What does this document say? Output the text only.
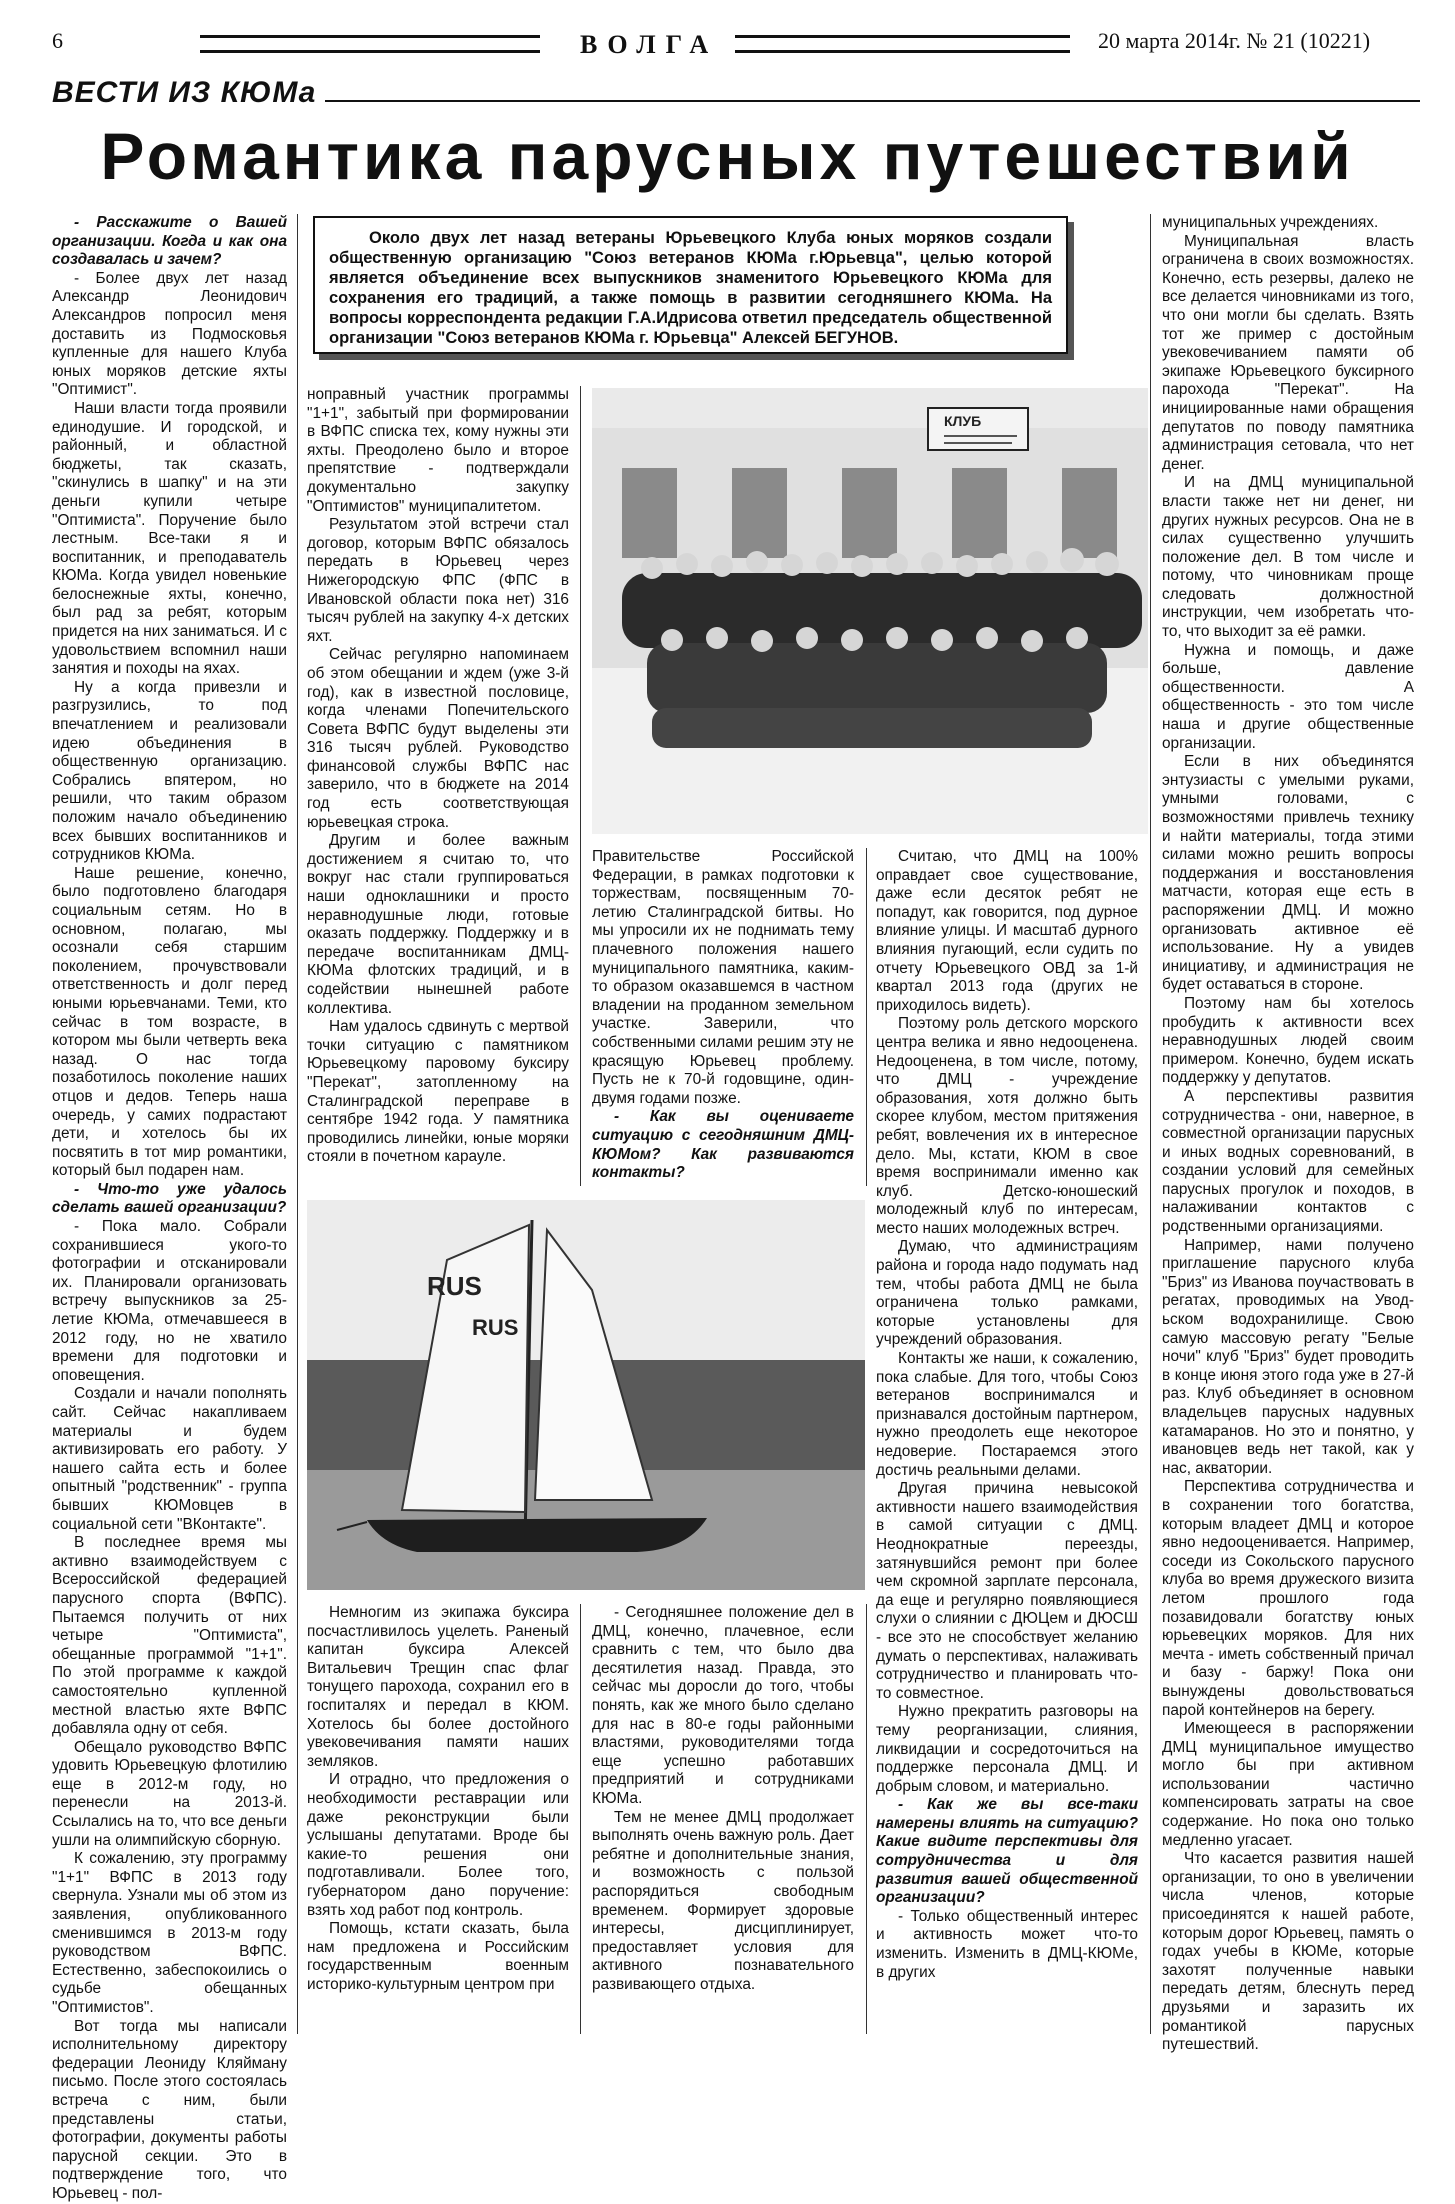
6	ВОЛГА	20 марта 2014г. № 21 (10221)
ВЕСТИ ИЗ КЮМа
Романтика парусных путешествий

- Расскажите о Вашей организации. Когда и как она создавалась и зачем?

- Более двух лет назад Александр Леонидович Александров попросил меня доставить из Подмосковья купленные для нашего Клуба юных моряков детские яхты "Оптимист".

Наши власти тогда проявили единодушие. И городской, и районный, и областной бюджеты, так сказать, "скинулись в шапку" и на эти деньги купили четыре "Оптимиста". Поручение было лестным. Все-таки я и воспитанник, и преподаватель КЮМа. Когда увидел новенькие белоснежные яхты, конечно, был рад за ребят, которым придется на них заниматься. И с удовольствием вспомнил наши занятия и походы на яхах.

Ну а когда привезли и разгрузились, то под впечатлением и реализовали идею объединения в общественную организацию. Собрались впятером, но решили, что таким образом положим начало объединению всех бывших воспитанников и сотрудников КЮМа.

Наше решение, конечно, было подготовлено благодаря социальным сетям. Но в основном, полагаю, мы осознали себя старшим поколением, прочувствовали ответственность и долг перед юными юрьевчанами. Теми, кто сейчас в том возрасте, в котором мы были четверть века назад. О нас тогда позаботилось поколение наших отцов и дедов. Теперь наша очередь, у самих подрастают дети, и хотелось бы их посвятить в тот мир романтики, который был подарен нам.

- Что-то уже удалось сделать вашей организации?

- Пока мало. Собрали сохранившиеся укого-то фотографии и отсканировали их. Планировали организовать встречу выпускников за 25-летие КЮМа, отмечавшееся в 2012 году, но не хватило времени для подготовки и оповещения.

Создали и начали пополнять сайт. Сейчас накапливаем материалы и будем активизировать его работу. У нашего сайта есть и более опытный "родственник" - группа бывших КЮМовцев в социальной сети "ВКонтакте".

В последнее время мы активно взаимодействуем с Всероссийской федерацией парусного спорта (ВФПС). Пытаемся получить от них четыре "Оптимиста", обещанные программой "1+1". По этой программе к каждой самостоятельно купленной местной властью яхте ВФПС добавляла одну от себя.

Обещало руководство ВФПС удовить Юрьевецкую флотилию еще в 2012-м году, но перенесли на 2013-й. Ссылались на то, что все деньги ушли на олимпийскую сборную.

К сожалению, эту программу "1+1" ВФПС в 2013 году свернула. Узнали мы об этом из заявления, опубликованного сменившимся в 2013-м году руководством ВФПС. Естественно, забеспокоились о судьбе обещанных "Оптимистов".

Вот тогда мы написали исполнительному директору федерации Леониду Кляйману письмо. После этого состоялась встреча с ним, были представлены статьи, фотографии, документы работы парусной секции. Это в подтверждение того, что Юрьевец - пол-

Около двух лет назад ветераны Юрьевецкого Клуба юных моряков создали общественную организацию "Союз ветеранов КЮМа г.Юрьевца", целью которой является объединение всех выпускников знаменитого Юрьевецкого КЮМа для сохранения его традиций, а также помощь в развитии сегодняшнего КЮМа. На вопросы корреспондента редакции Г.А.Идрисова ответил председатель общественной организации "Союз ветеранов КЮМа г. Юрьевца" Алексей БЕГУНОВ.

ноправный участник программы "1+1", забытый при формировании в ВФПС списка тех, кому нужны эти яхты. Преодолено было и второе препятствие - подтверждали документально закупку "Оптимистов" муниципалитетом.

Результатом этой встречи стал договор, которым ВФПС обязалось передать в Юрьевец через Нижегородскую ФПС (ФПС в Ивановской области пока нет) 316 тысяч рублей на закупку 4-х детских яхт.

Сейчас регулярно напоминаем об этом обещании и ждем (уже 3-й год), как в известной пословице, когда членами Попечительского Совета ВФПС будут выделены эти 316 тысяч рублей. Руководство финансовой службы ВФПС нас заверило, что в бюджете на 2014 год есть соответствующая юрьевецкая строка.

Другим и более важным достижением я считаю то, что вокруг нас стали группироваться наши одноклашники и просто неравнодушные люди, готовые оказать поддержку. Поддержку и в передаче воспитанникам ДМЦ-КЮМа флотских традиций, и в содействии нынешней работе коллектива.

Нам удалось сдвинуть с мертвой точки ситуацию с памятником Юрьевецкому паровому буксиру "Перекат", затопленному на Сталинградской переправе в сентябре 1942 года. У памятника проводились линейки, юные моряки стояли в почетном карауле.

КЛУБ

Правительстве Российской Федерации, в рамках подготовки к торжествам, посвященным 70-летию Сталинградской битвы. Но мы упросили их не поднимать тему плачевного положения нашего муниципального памятника, каким-то образом оказавшемся в частном владении на проданном земельном участке. Заверили, что собственными силами решим эту не красящую Юрьевец проблему. Пусть не к 70-й годовщине, один-двумя годами позже.

- Как вы оцениваете ситуацию с сегодняшним ДМЦ-КЮМом? Как развиваются контакты?

Считаю, что ДМЦ на 100% оправдает свое существование, даже если десяток ребят не попадут, как говорится, под дурное влияние улицы. И масштаб дурного влияния пугающий, если судить по отчету Юрьевецкого ОВД за 1-й квартал 2013 года (других не приходилось видеть).

Поэтому роль детского морского центра велика и явно недооценена. Недооценена, в том числе, потому, что ДМЦ - учреждение образования, хотя должно быть скорее клубом, местом притяжения ребят, вовлечения их в интересное дело. Мы, кстати, КЮМ в свое время воспринимали именно как клуб. Детско-юношеский молодежный клуб по интересам, место наших молодежных встреч.

Думаю, что администрациям района и города надо подумать над тем, чтобы работа ДМЦ не была ограничена только рамками, которые установлены для учреждений образования.

Контакты же наши, к сожалению, пока слабые. Для того, чтобы Союз ветеранов воспринимался и признавался достойным партнером, нужно преодолеть еще некоторое недоверие. Постараемся этого достичь реальными делами.

Другая причина невысокой активности нашего взаимодействия в самой ситуации с ДМЦ. Неоднократные переезды, затянувшийся ремонт при более чем скромной зарплате персонала, да еще и регулярно появляющиеся слухи о слиянии с ДЮЦем и ДЮСШ - все это не способствует желанию думать о перспективах, налаживать сотрудничество и планировать что-то совместное.

Нужно прекратить разговоры на тему реорганизации, слияния, ликвидации и сосредоточиться на поддержке персонала ДМЦ. И добрым словом, и материально.

- Как же вы все-таки намерены влиять на ситуацию? Какие видите перспективы для сотрудничества и для развития вашей общественной организации?

- Только общественный интерес и активность может что-то изменить. Изменить в ДМЦ-КЮМе, в других

RUS
RUS

Немногим из экипажа буксира посчастливилось уцелеть. Раненый капитан буксира Алексей Витальевич Трещин спас флаг тонущего парохода, сохранил его в госпиталях и передал в КЮМ. Хотелось бы более достойного увековечивания памяти наших земляков.

И отрадно, что предложения о необходимости реставрации или даже реконструкции были услышаны депутатами. Вроде бы какие-то решения они подготавливали. Более того, губернатором дано поручение: взять ход работ под контроль.

Помощь, кстати сказать, была нам предложена и Российским государственным военным историко-культурным центром при

- Сегодняшнее положение дел в ДМЦ, конечно, плачевное, если сравнить с тем, что было два десятилетия назад. Правда, это сейчас мы доросли до того, чтобы понять, как же много было сделано для нас в 80-е годы районными властями, руководителями тогда еще успешно работавших предприятий и сотрудниками КЮМа.

Тем не менее ДМЦ продолжает выполнять очень важную роль. Дает ребятне и дополнительные знания, и возможность с пользой распорядиться свободным временем. Формирует здоровые интересы, дисциплинирует, предоставляет условия для активного познавательного развивающего отдыха.

муниципальных учреждениях.

Муниципальная власть ограничена в своих возможностях. Конечно, есть резервы, далеко не все делается чиновниками из того, что они могли бы сделать. Взять тот же пример с достойным увековечиванием памяти об экипаже Юрьевецкого буксирного парохода "Перекат". На инициированные нами обращения депутатов по поводу памятника администрация сетовала, что нет денег.

И на ДМЦ муниципальной власти также нет ни денег, ни других нужных ресурсов. Она не в силах существенно улучшить положение дел. В том числе и потому, что чиновникам проще следовать должностной инструкции, чем изобретать что-то, что выходит за её рамки.

Нужна и помощь, и даже больше, давление общественности. А общественность - это том числе наша и другие общественные организации.

Если в них объединятся энтузиасты с умелыми руками, умными головами, с возможностями привлечь технику и найти материалы, тогда этими силами можно решить вопросы поддержания и восстановления матчасти, которая еще есть в распоряжении ДМЦ. И можно организовать активное её использование. Ну а увидев инициативу, и администрация не будет оставаться в стороне.

Поэтому нам бы хотелось пробудить к активности всех неравнодушных людей своим примером. Конечно, будем искать поддержку у депутатов.

А перспективы развития сотрудничества - они, наверное, в совместной организации парусных и иных водных соревнований, в создании условий для семейных парусных прогулок и походов, в налаживании контактов с родственными организациями.

Например, нами получено приглашение парусного клуба "Бриз" из Иванова поучаствовать в регатах, проводимых на Уводьском водохранилище. Свою самую массовую регату "Белые ночи" клуб "Бриз" будет проводить в конце июня этого года уже в 27-й раз. Клуб объединяет в основном владельцев парусных надувных катамаранов. Но это и понятно, у ивановцев ведь нет такой, как у нас, акватории.

Перспектива сотрудничества и в сохранении того богатства, которым владеет ДМЦ и которое явно недооценивается. Например, соседи из Сокольского парусного клуба во время дружеского визита летом прошлого года позавидовали богатству юных юрьевецких моряков. Для них мечта - иметь собственный причал и базу - баржу! Пока они вынуждены довольствоваться парой контейнеров на берегу.

Имеющееся в распоряжении ДМЦ муниципальное имущество могло бы при активном использовании частично компенсировать затраты на свое содержание. Но пока оно только медленно угасает.

Что касается развития нашей организации, то оно в увеличении числа членов, которые присоединятся к нашей работе, которым дорог Юрьевец, память о годах учебы в КЮМе, которые захотят полученные навыки передать детям, блеснуть перед друзьями и заразить их романтикой парусных путешествий.
